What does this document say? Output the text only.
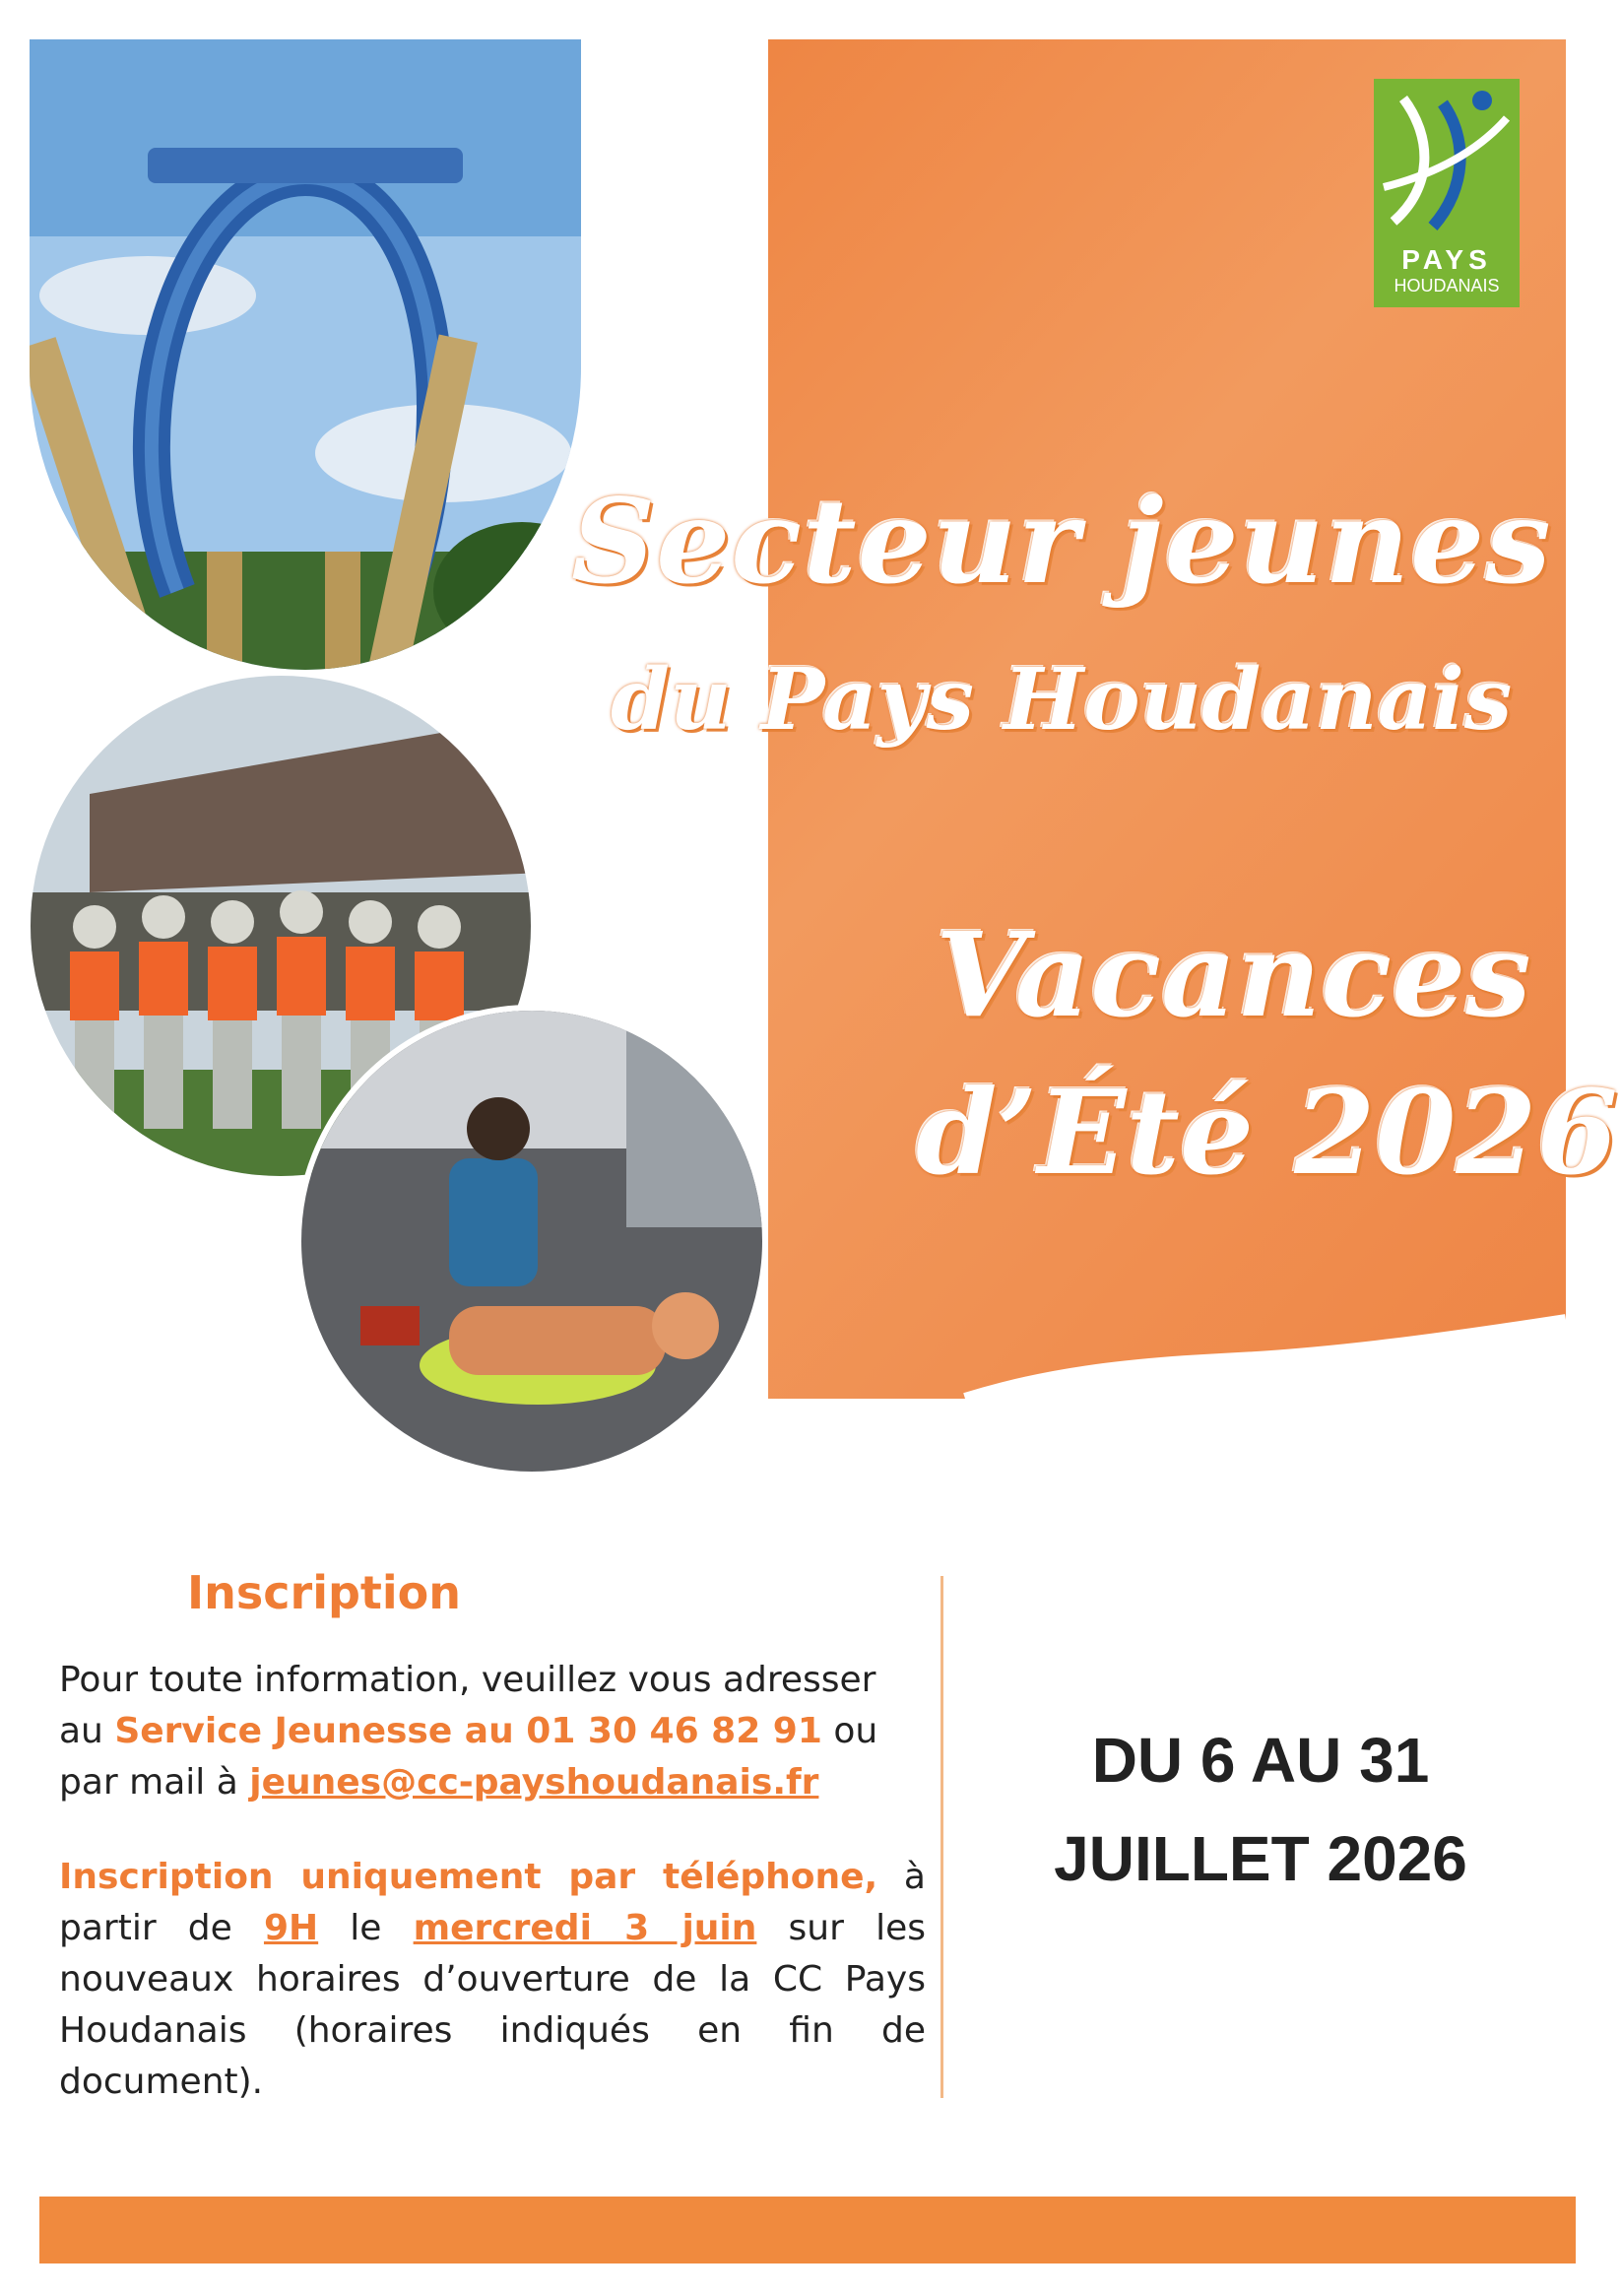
PAYS
HOUDANAIS
Secteur jeunes
du Pays Houdanais
Vacances
d’Été 2026
Inscription
Pour toute information, veuillez vous adresser au Service Jeunesse au 01 30 46 82 91 ou par mail à jeunes@cc-payshoudanais.fr
Inscription uniquement par téléphone, à partir de 9H le mercredi 3 juin sur les nouveaux horaires d’ouverture de la CC Pays Houdanais (horaires indiqués en fin de document).
DU 6 AU 31
JUILLET 2026
